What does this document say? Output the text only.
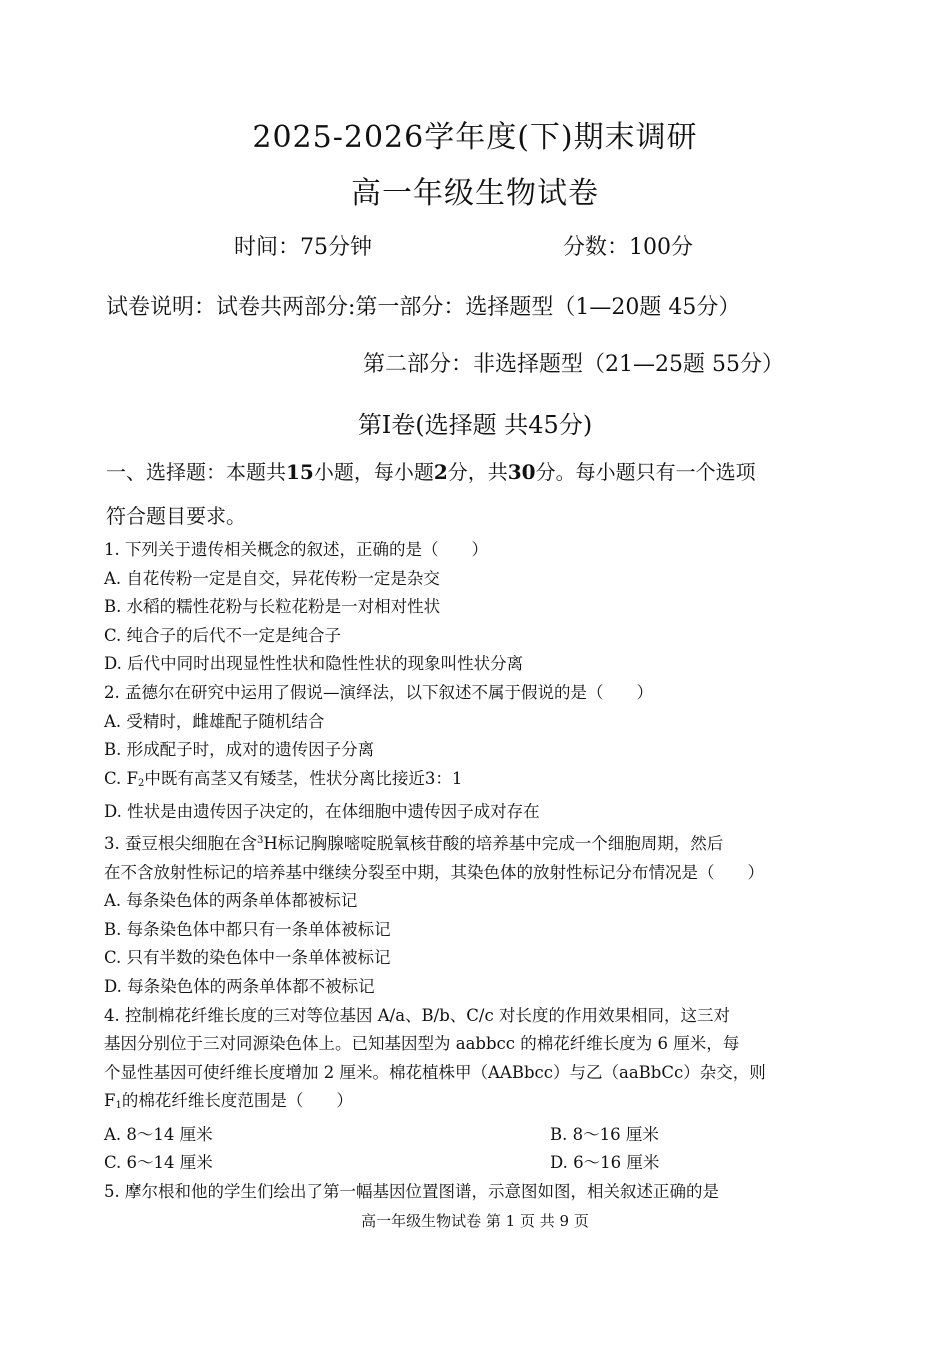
2025-2026学年度(下)期末调研
高一年级生物试卷
时间：75分钟	分数：100分
试卷说明：试卷共两部分:第一部分：选择题型（1—20题 45分）
第二部分：非选择题型（21—25题 55分）
第Ⅰ卷(选择题 共45分)
一、选择题：本题共15小题，每小题2分，共30分。每小题只有一个选项
符合题目要求。
1. 下列关于遗传相关概念的叙述，正确的是（　　）
A. 自花传粉一定是自交，异花传粉一定是杂交
B. 水稻的糯性花粉与长粒花粉是一对相对性状
C. 纯合子的后代不一定是纯合子
D. 后代中同时出现显性性状和隐性性状的现象叫性状分离
2. 孟德尔在研究中运用了假说—演绎法，以下叙述不属于假说的是（　　）
A. 受精时，雌雄配子随机结合
B. 形成配子时，成对的遗传因子分离
C. $F_2$中既有高茎又有矮茎，性状分离比接近3：1
D. 性状是由遗传因子决定的，在体细胞中遗传因子成对存在
3. 蚕豆根尖细胞在含$^3$H标记胸腺嘧啶脱氧核苷酸的培养基中完成一个细胞周期，然后
在不含放射性标记的培养基中继续分裂至中期，其染色体的放射性标记分布情况是（　　）
A. 每条染色体的两条单体都被标记
B. 每条染色体中都只有一条单体被标记
C. 只有半数的染色体中一条单体被标记
D. 每条染色体的两条单体都不被标记
4. 控制棉花纤维长度的三对等位基因 A/a、B/b、C/c 对长度的作用效果相同，这三对
基因分别位于三对同源染色体上。已知基因型为 aabbcc 的棉花纤维长度为 6 厘米，每
个显性基因可使纤维长度增加 2 厘米。棉花植株甲（AABbcc）与乙（aaBbCc）杂交，则
$F_1$的棉花纤维长度范围是（　　）
A. 8～14 厘米	B. 8～16 厘米
C. 6～14 厘米	D. 6～16 厘米
5. 摩尔根和他的学生们绘出了第一幅基因位置图谱，示意图如图，相关叙述正确的是
高一年级生物试卷 第 1 页 共 9 页
